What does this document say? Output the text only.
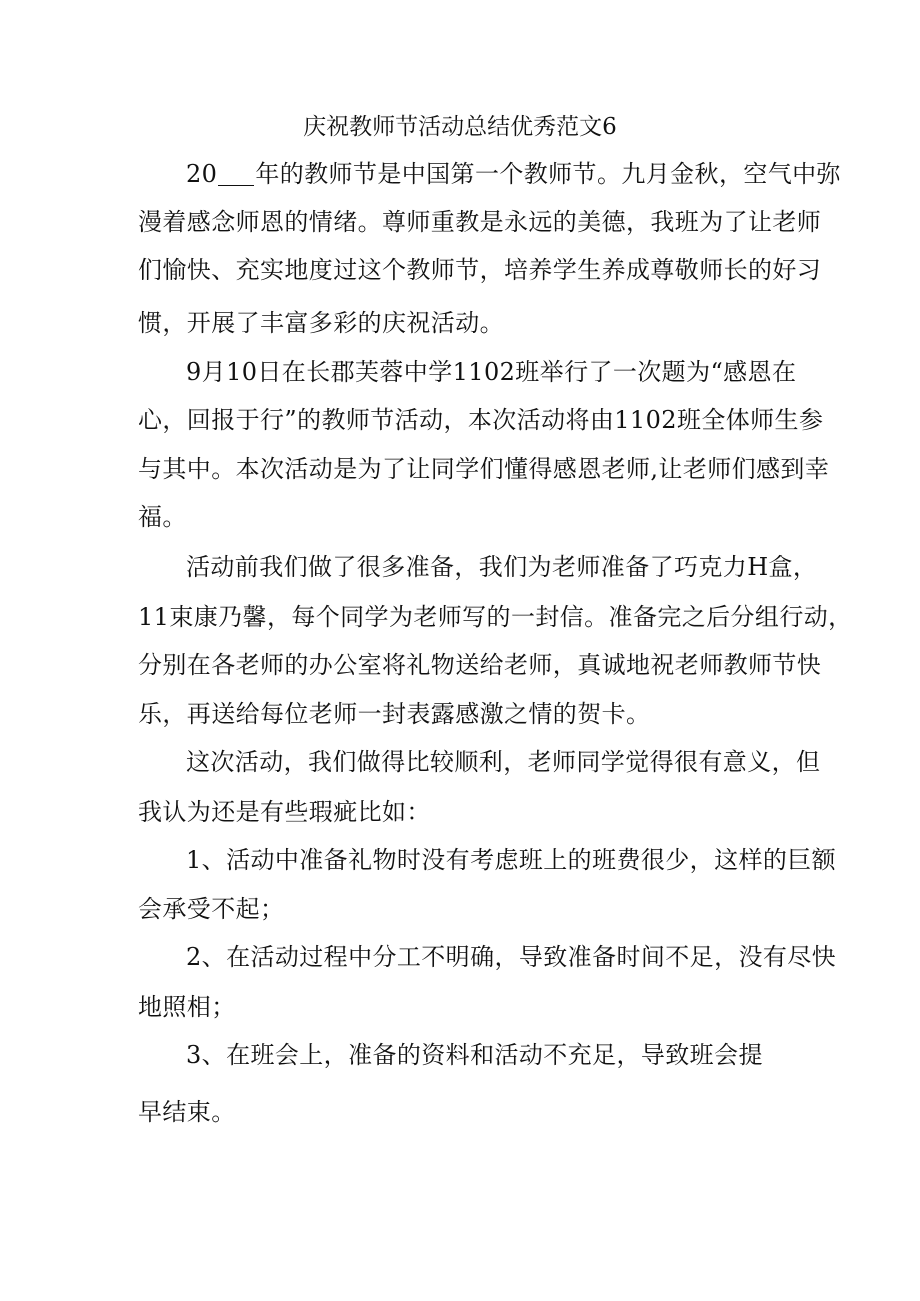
庆祝教师节活动总结优秀范文6
20 年的教师节是中国第一个教师节。九月金秋，空气中弥
漫着感念师恩的情绪。尊师重教是永远的美德，我班为了让老师
们愉快、充实地度过这个教师节，培养学生养成尊敬师长的好习
惯，开展了丰富多彩的庆祝活动。
9月10日在长郡芙蓉中学1102班举行了一次题为“感恩在
心，回报于行”的教师节活动，本次活动将由1102班全体师生参
与其中。本次活动是为了让同学们懂得感恩老师,让老师们感到幸
福。
活动前我们做了很多准备，我们为老师准备了巧克力H盒，
11束康乃馨，每个同学为老师写的一封信。准备完之后分组行动，
分别在各老师的办公室将礼物送给老师，真诚地祝老师教师节快
乐，再送给每位老师一封表露感激之情的贺卡。
这次活动，我们做得比较顺利，老师同学觉得很有意义，但
我认为还是有些瑕疵比如：
1、活动中准备礼物时没有考虑班上的班费很少，这样的巨额
会承受不起；
2、在活动过程中分工不明确，导致准备时间不足，没有尽快
地照相；
3、在班会上，准备的资料和活动不充足，导致班会提
早结束。
